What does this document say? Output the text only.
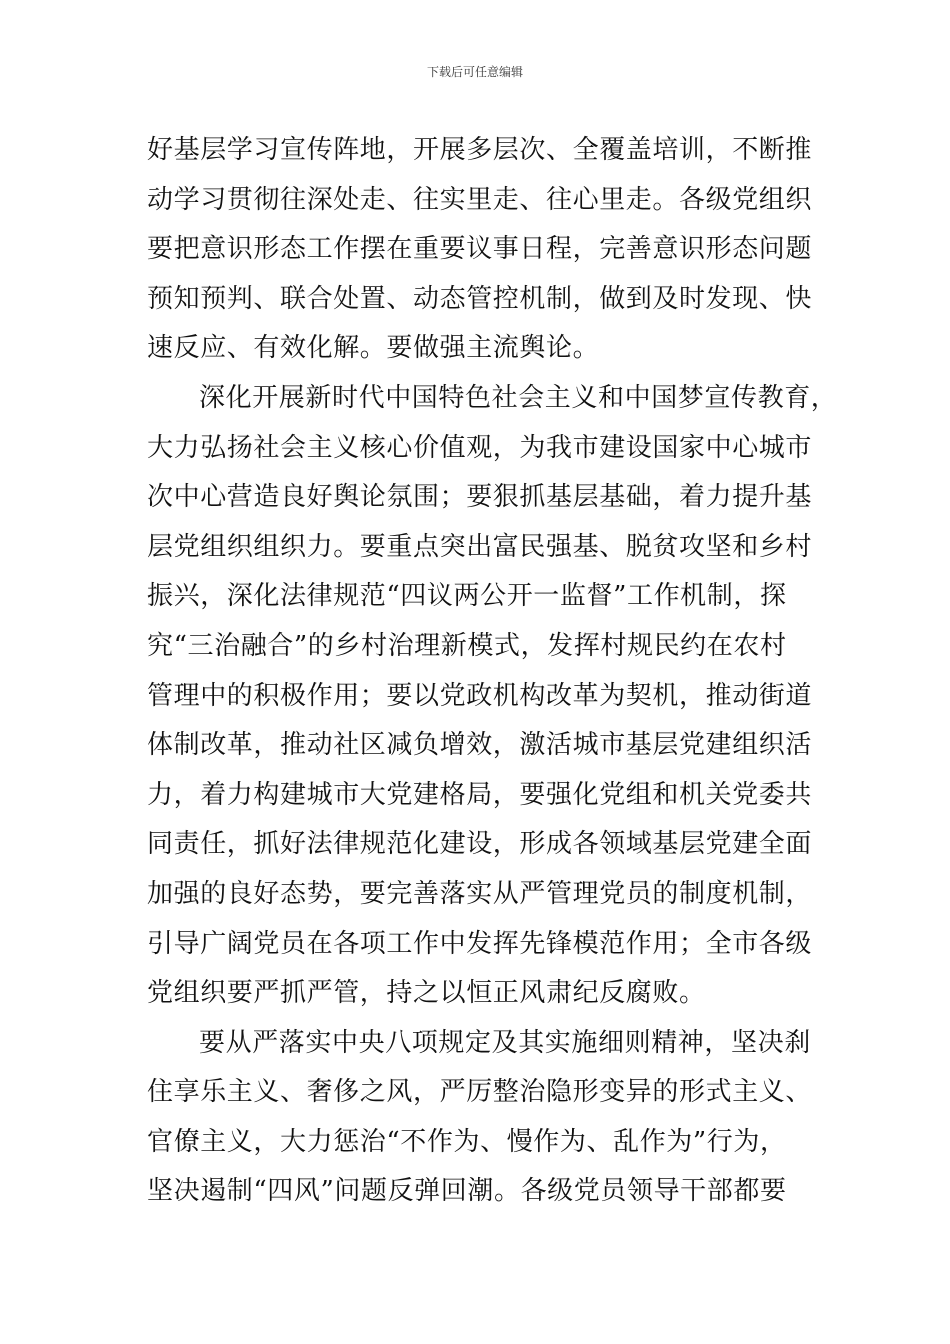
下载后可任意编辑
好基层学习宣传阵地，开展多层次、全覆盖培训，不断推
动学习贯彻往深处走、往实里走、往心里走。各级党组织
要把意识形态工作摆在重要议事日程，完善意识形态问题
预知预判、联合处置、动态管控机制，做到及时发现、快
速反应、有效化解。要做强主流舆论。
深化开展新时代中国特色社会主义和中国梦宣传教育，
大力弘扬社会主义核心价值观，为我市建设国家中心城市
次中心营造良好舆论氛围；要狠抓基层基础，着力提升基
层党组织组织力。要重点突出富民强基、脱贫攻坚和乡村
振兴，深化法律规范“四议两公开一监督”工作机制，探
究“三治融合”的乡村治理新模式，发挥村规民约在农村
管理中的积极作用；要以党政机构改革为契机，推动街道
体制改革，推动社区减负增效，激活城市基层党建组织活
力，着力构建城市大党建格局，要强化党组和机关党委共
同责任，抓好法律规范化建设，形成各领域基层党建全面
加强的良好态势，要完善落实从严管理党员的制度机制，
引导广阔党员在各项工作中发挥先锋模范作用；全市各级
党组织要严抓严管，持之以恒正风肃纪反腐败。
要从严落实中央八项规定及其实施细则精神，坚决刹
住享乐主义、奢侈之风，严厉整治隐形变异的形式主义、
官僚主义，大力惩治“不作为、慢作为、乱作为”行为，
坚决遏制“四风”问题反弹回潮。各级党员领导干部都要
